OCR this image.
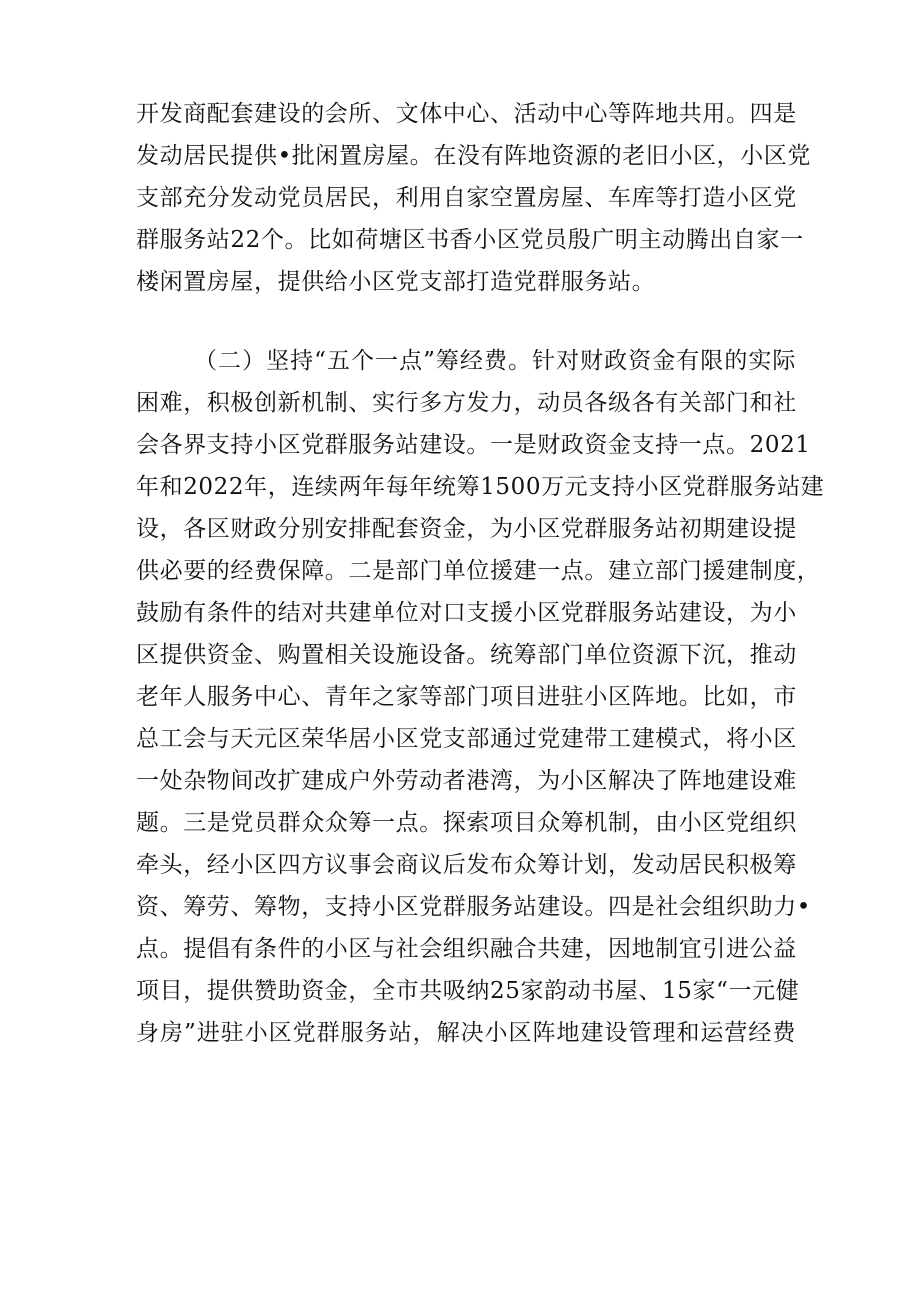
开发商配套建设的会所、文体中心、活动中心等阵地共用。四是
发动居民提供•批闲置房屋。在没有阵地资源的老旧小区，小区党
支部充分发动党员居民，利用自家空置房屋、车库等打造小区党
群服务站22个。比如荷塘区书香小区党员殷广明主动腾出自家一
楼闲置房屋，提供给小区党支部打造党群服务站。
（二）坚持“五个一点”筹经费。针对财政资金有限的实际
困难，积极创新机制、实行多方发力，动员各级各有关部门和社
会各界支持小区党群服务站建设。一是财政资金支持一点。2021
年和2022年，连续两年每年统筹1500万元支持小区党群服务站建
设，各区财政分别安排配套资金，为小区党群服务站初期建设提
供必要的经费保障。二是部门单位援建一点。建立部门援建制度，
鼓励有条件的结对共建单位对口支援小区党群服务站建设，为小
区提供资金、购置相关设施设备。统筹部门单位资源下沉，推动
老年人服务中心、青年之家等部门项目进驻小区阵地。比如，市
总工会与天元区荣华居小区党支部通过党建带工建模式，将小区
一处杂物间改扩建成户外劳动者港湾，为小区解决了阵地建设难
题。三是党员群众众筹一点。探索项目众筹机制，由小区党组织
牵头，经小区四方议事会商议后发布众筹计划，发动居民积极筹
资、筹劳、筹物，支持小区党群服务站建设。四是社会组织助力•
点。提倡有条件的小区与社会组织融合共建，因地制宜引进公益
项目，提供赞助资金，全市共吸纳25家韵动书屋、15家“一元健
身房”进驻小区党群服务站，解决小区阵地建设管理和运营经费
